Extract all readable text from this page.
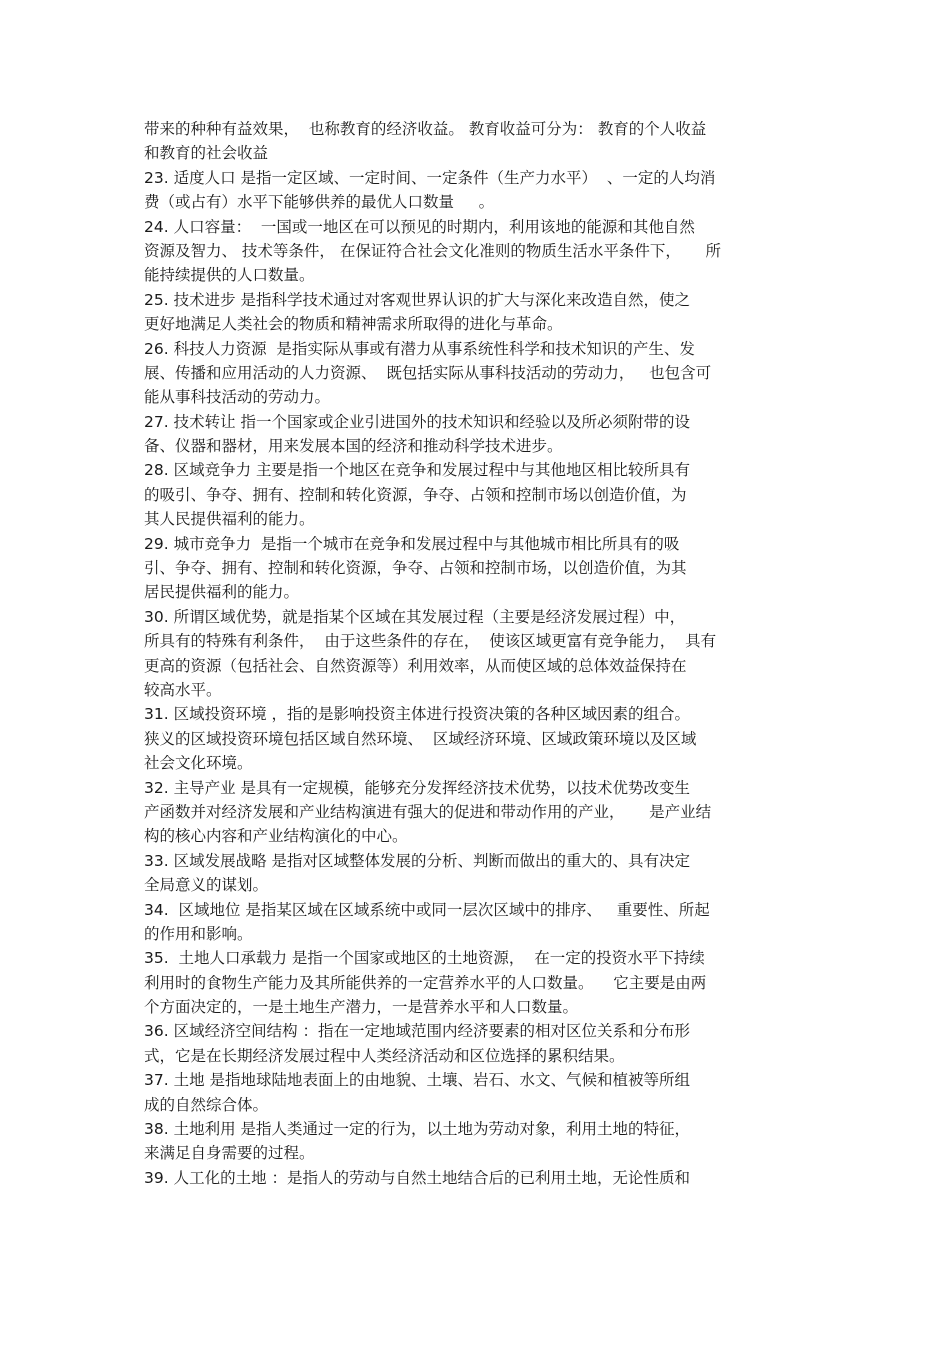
带来的种种有益效果，  也称教育的经济收益。 教育收益可分为： 教育的个人收益
和教育的社会收益
23. 适度人口 是指一定区域、一定时间、一定条件（生产力水平）  、一定的人均消
费（或占有）水平下能够供养的最优人口数量     。
24. 人口容量：  一国或一地区在可以预见的时期内，利用该地的能源和其他自然
资源及智力、 技术等条件， 在保证符合社会文化准则的物质生活水平条件下，     所
能持续提供的人口数量。
25. 技术进步 是指科学技术通过对客观世界认识的扩大与深化来改造自然，使之
更好地满足人类社会的物质和精神需求所取得的进化与革命。
26. 科技人力资源  是指实际从事或有潜力从事系统性科学和技术知识的产生、发
展、传播和应用活动的人力资源、  既包括实际从事科技活动的劳动力，   也包含可
能从事科技活动的劳动力。
27. 技术转让 指一个国家或企业引进国外的技术知识和经验以及所必须附带的设
备、仪器和器材，用来发展本国的经济和推动科学技术进步。
28. 区域竞争力 主要是指一个地区在竞争和发展过程中与其他地区相比较所具有
的吸引、争夺、拥有、控制和转化资源，争夺、占领和控制市场以创造价值，为
其人民提供福利的能力。
29. 城市竞争力  是指一个城市在竞争和发展过程中与其他城市相比所具有的吸
引、争夺、拥有、控制和转化资源，争夺、占领和控制市场，以创造价值，为其
居民提供福利的能力。
30. 所谓区域优势，就是指某个区域在其发展过程（主要是经济发展过程）中，
所具有的特殊有利条件，  由于这些条件的存在，  使该区域更富有竞争能力，  具有
更高的资源（包括社会、自然资源等）利用效率，从而使区域的总体效益保持在
较高水平。
31. 区域投资环境 ，指的是影响投资主体进行投资决策的各种区域因素的组合。
狭义的区域投资环境包括区域自然环境、  区域经济环境、区域政策环境以及区域
社会文化环境。
32. 主导产业 是具有一定规模，能够充分发挥经济技术优势，以技术优势改变生
产函数并对经济发展和产业结构演进有强大的促进和带动作用的产业，     是产业结
构的核心内容和产业结构演化的中心。
33. 区域发展战略 是指对区域整体发展的分析、判断而做出的重大的、具有决定
全局意义的谋划。
34.  区域地位 是指某区域在区域系统中或同一层次区域中的排序、   重要性、所起
的作用和影响。
35.  土地人口承载力 是指一个国家或地区的土地资源，  在一定的投资水平下持续
利用时的食物生产能力及其所能供养的一定营养水平的人口数量。    它主要是由两
个方面决定的，一是土地生产潜力，一是营养水平和人口数量。
36. 区域经济空间结构 ：指在一定地域范围内经济要素的相对区位关系和分布形
式，它是在长期经济发展过程中人类经济活动和区位选择的累积结果。
37. 土地 是指地球陆地表面上的由地貌、土壤、岩石、水文、气候和植被等所组
成的自然综合体。
38. 土地利用 是指人类通过一定的行为，以土地为劳动对象，利用土地的特征，
来满足自身需要的过程。
39. 人工化的土地 ：是指人的劳动与自然土地结合后的已利用土地，无论性质和
